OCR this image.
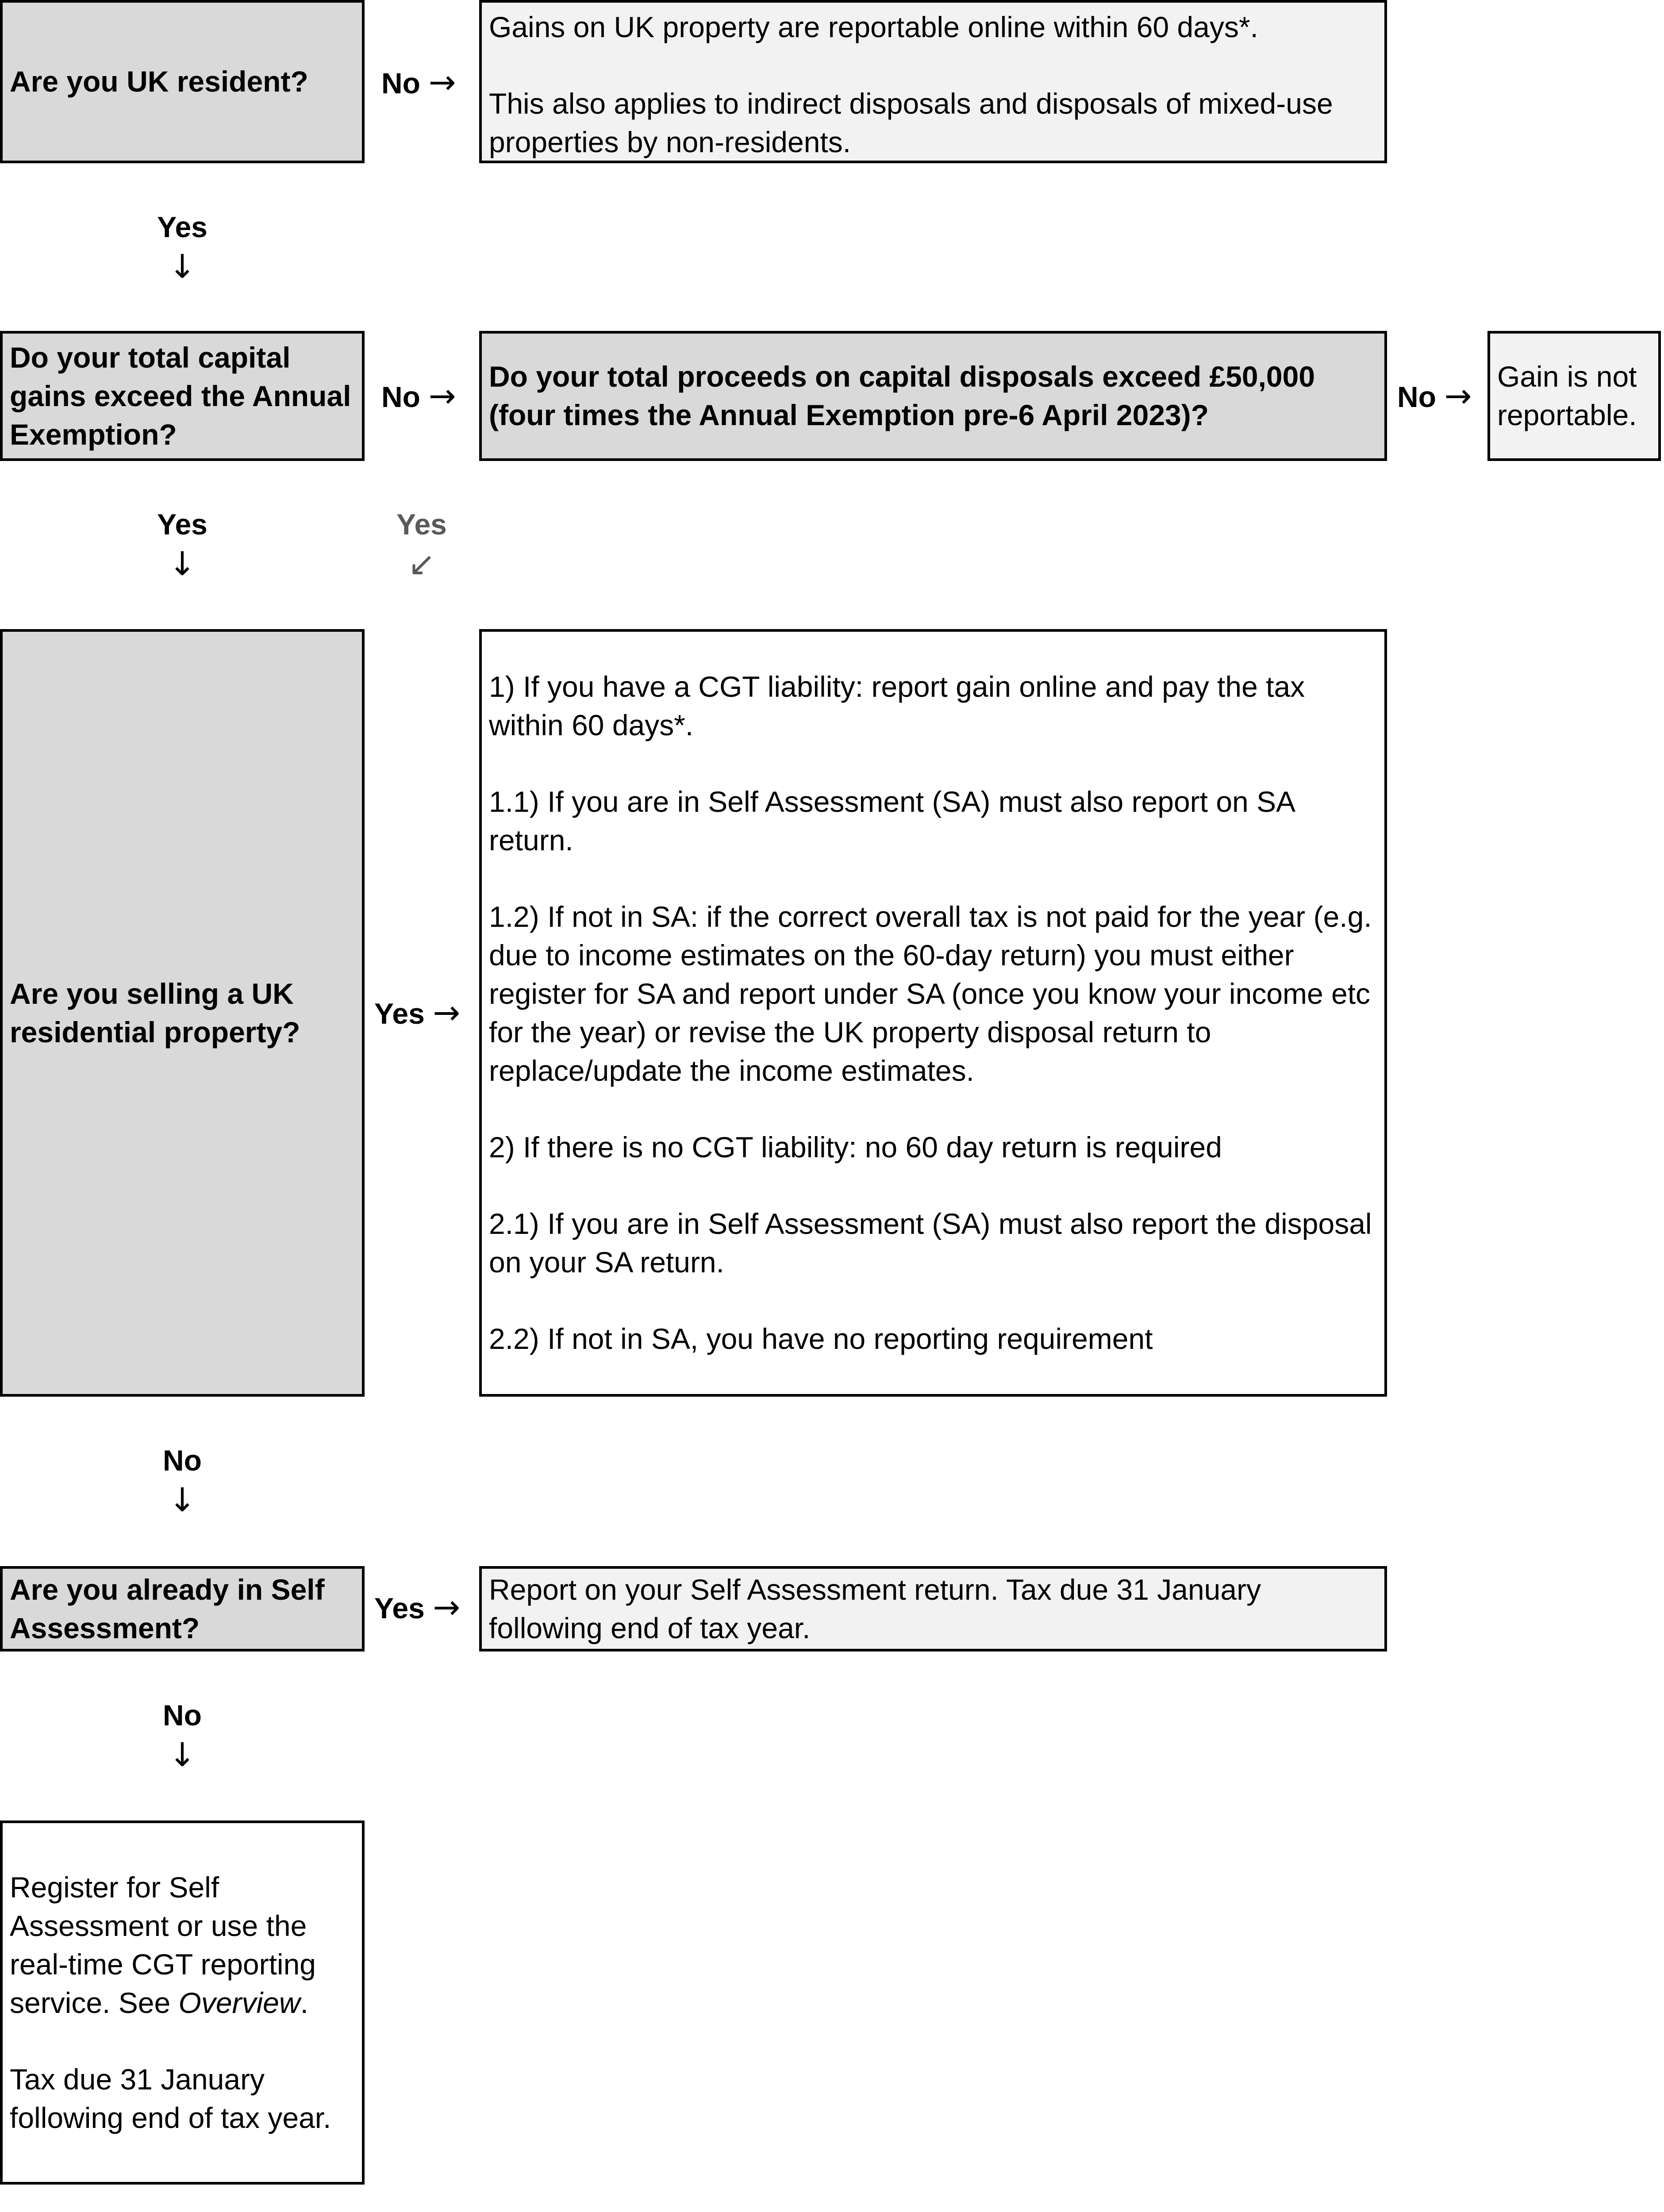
Are you UK resident?	No →

Gains on UK property are reportable online within 60 days*.

This also applies to indirect disposals and disposals of mixed-use properties by non-residents.

Yes
↓

Do your total capital gains exceed the Annual Exemption?

No →

Do your total proceeds on capital disposals exceed £50,000 (four times the Annual Exemption pre-6 April 2023)?

No →

Gain is not reportable.

Yes
↓
Yes
↙

Are you selling a UK residential property?

Yes →

1) If you have a CGT liability: report gain online and pay the tax within 60 days*.

1.1) If you are in Self Assessment (SA) must also report on SA return.

1.2) If not in SA: if the correct overall tax is not paid for the year (e.g. due to income estimates on the 60-day return) you must either register for SA and report under SA (once you know your income etc for the year) or revise the UK property disposal return to replace/update the income estimates.

2) If there is no CGT liability: no 60 day return is required

2.1) If you are in Self Assessment (SA) must also report the disposal on your SA return.

2.2) If not in SA, you have no reporting requirement

No
↓

Are you already in Self Assessment?

Yes → Report on your Self Assessment return. Tax due 31 January following end of tax year.

No
↓

Register for Self Assessment or use the real-time CGT reporting service. See Overview.

Tax due 31 January following end of tax year.
